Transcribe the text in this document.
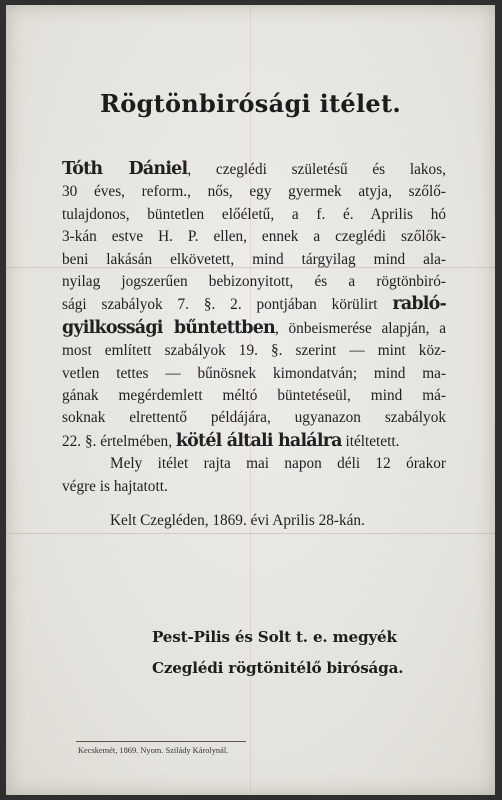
Rögtönbirósági itélet.
Tóth Dániel, czeglédi születésű és lakos,
30 éves, reform., nős, egy gyermek atyja, szőlő-
tulajdonos, büntetlen előéletű, a f. é. Aprilis hó
3-kán estve H. P. ellen, ennek a czeglédi szőlők-
beni lakásán elkövetett, mind tárgyilag mind ala-
nyilag jogszerűen bebizonyitott, és a rögtönbiró-
sági szabályok 7. §. 2. pontjában körülirt rabló-
gyilkossági bűntettben, önbeismerése alapján, a
most említett szabályok 19. §. szerint — mint köz-
vetlen tettes — bűnösnek kimondatván; mind ma-
gának megérdemlett méltó büntetéseül, mind má-
soknak elrettentő példájára, ugyanazon szabályok
22. §. értelmében, kötél általi halálra itéltetett.
Mely itélet rajta mai napon déli 12 órakor
végre is hajtatott.
Kelt Czegléden, 1869. évi Aprilis 28-kán.
Pest-Pilis és Solt t. e. megyék
Czeglédi rögtönitélő birósága.
Kecskemét, 1869. Nyom. Szilády Károlynál.
